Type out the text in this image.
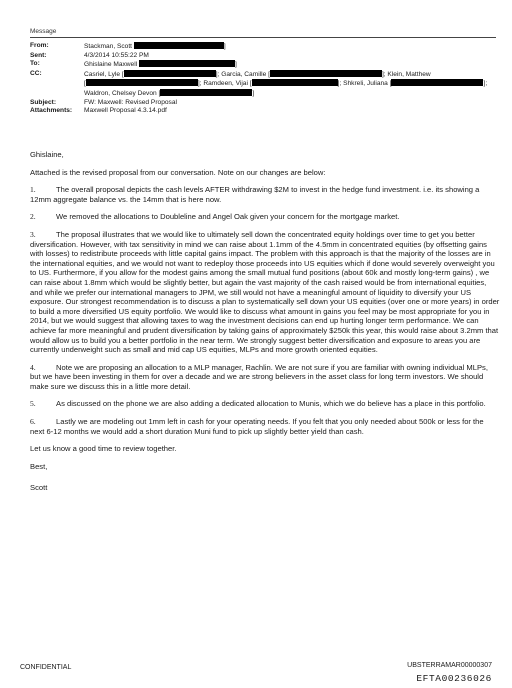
Message
From:	Stackman, Scott	]
Sent:	4/3/2014 10:55:22 PM
To:	Ghislaine Maxwell	]
CC:	Casriel, Lyle [	]; Garcia, Camille [	]; Klein, Matthew
]; Ramdeen, Vijai [	]; Shkreli, Juliana [	];
Waldron, Chelsey Devon [	]
Subject:	FW: Maxwell: Revised Proposal
Attachments:	Maxwell Proposal 4.3.14.pdf

Ghislaine,

Attached is the revised proposal from our conversation. Note on our changes are below:

1.	The overall proposal depicts the cash levels AFTER withdrawing $2M to invest in the hedge fund investment. i.e. its showing a 12mm aggregate balance vs. the 14mm that is here now.

2.	We removed the allocations to Doubleline and Angel Oak given your concern for the mortgage market.

3.	The proposal illustrates that we would like to ultimately sell down the concentrated equity holdings over time to get you better diversification. However, with tax sensitivity in mind we can raise about 1.1mm of the 4.5mm in concentrated equities (by offsetting gains with losses) to redistribute proceeds with little capital gains impact. The problem with this approach is that the majority of the losses are in the international equities, and we would not want to redeploy those proceeds into US equities which if done would severely overweight you to US. Furthermore, if you allow for the modest gains among the small mutual fund positions (about 60k and mostly long-term gains) , we can raise about 1.8mm which would be slightly better, but again the vast majority of the cash raised would be from international equities, and while we prefer our international managers to JPM, we still would not have a meaningful amount of liquidity to diversify your US exposure. Our strongest recommendation is to discuss a plan to systematically sell down your US equities (over one or more years) in order to build a more diversified US equity portfolio. We would like to discuss what amount in gains you feel may be most appropriate for you in 2014, but we would suggest that allowing taxes to wag the investment decisions can end up hurting longer term performance. We can achieve far more meaningful and prudent diversification by taking gains of approximately $250k this year, this would raise about 3.2mm that would allow us to build you a better portfolio in the near term. We strongly suggest better diversification and exposure to areas you are currently underweight such as small and mid cap US equities, MLPs and more growth oriented equities.

4.	Note we are proposing an allocation to a MLP manager, Rachlin. We are not sure if you are familiar with owning individual MLPs, but we have been investing in them for over a decade and we are strong believers in the asset class for long term investors. We should make sure we discuss this in a little more detail.

5.	As discussed on the phone we are also adding a dedicated allocation to Munis, which we do believe has a place in this portfolio.

6.	Lastly we are modeling out 1mm left in cash for your operating needs. If you felt that you only needed about 500k or less for the next 6-12 months we would add a short duration Muni fund to pick up slightly better yield than cash.

Let us know a good time to review together.

Best,

Scott

CONFIDENTIAL	UBSTERRAMAR00000307
EFTA00236026
